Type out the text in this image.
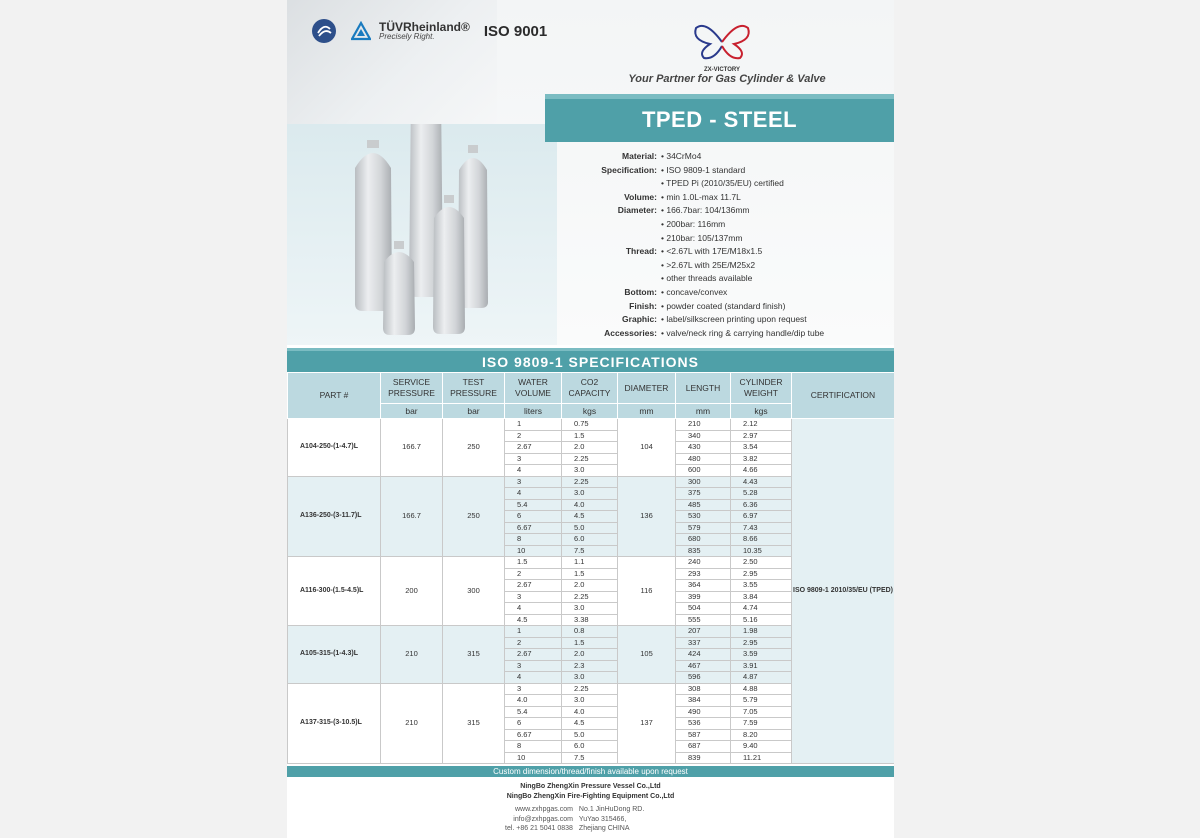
TÜVRheinland®
Precisely Right.	ISO 9001
ZX-VICTORY
Your Partner for Gas Cylinder & Valve
TPED - STEEL
Material: • 34CrMo4
Specification: • ISO 9809-1 standard
• TPED Pi (2010/35/EU) certified
Volume: • min 1.0L-max 11.7L
Diameter: • 166.7bar: 104/136mm
• 200bar: 116mm
• 210bar: 105/137mm
Thread: • <2.67L with 17E/M18x1.5
• >2.67L with 25E/M25x2
• other threads available
Bottom: • concave/convex
Finish: • powder coated (standard finish)
Graphic: • label/silkscreen printing upon request
Accessories: • valve/neck ring & carrying handle/dip tube
ISO 9809-1 SPECIFICATIONS
PART #	SERVICE PRESSURE	TEST PRESSURE	WATER VOLUME	CO2 CAPACITY	DIAMETER	LENGTH	CYLINDER WEIGHT	CERTIFICATION
	bar	bar	liters	kgs	mm	mm	kgs	
A104-250-(1-4.7)L	166.7	250	1	0.75	104	210	2.12	ISO 9809-1 2010/35/EU (TPED)
			2	1.5		340	2.97	
			2.67	2.0		430	3.54	
			3	2.25		480	3.82	
			4	3.0		600	4.66	
A136-250-(3-11.7)L	166.7	250	3	2.25	136	300	4.43	
			4	3.0		375	5.28	
			5.4	4.0		485	6.36	
			6	4.5		530	6.97	
			6.67	5.0		579	7.43	
			8	6.0		680	8.66	
			10	7.5		835	10.35	
A116-300-(1.5-4.5)L	200	300	1.5	1.1	116	240	2.50	
			2	1.5		293	2.95	
			2.67	2.0		364	3.55	
			3	2.25		399	3.84	
			4	3.0		504	4.74	
			4.5	3.38		555	5.16	
A105-315-(1-4.3)L	210	315	1	0.8	105	207	1.98	
			2	1.5		337	2.95	
			2.67	2.0		424	3.59	
			3	2.3		467	3.91	
			4	3.0		596	4.87	
A137-315-(3-10.5)L	210	315	3	2.25	137	308	4.88	
			4.0	3.0		384	5.79	
			5.4	4.0		490	7.05	
			6	4.5		536	7.59	
			6.67	5.0		587	8.20	
			8	6.0		687	9.40	
			10	7.5		839	11.21	
Custom dimension/thread/finish available upon request
NingBo ZhengXin Pressure Vessel Co.,Ltd
NingBo ZhengXin Fire-Fighting Equipment Co.,Ltd
www.zxhpgas.com
info@zxhpgas.com
tel. +86 21 5041 0838
No.1 JinHuDong RD.
YuYao 315466,
Zhejiang CHINA
